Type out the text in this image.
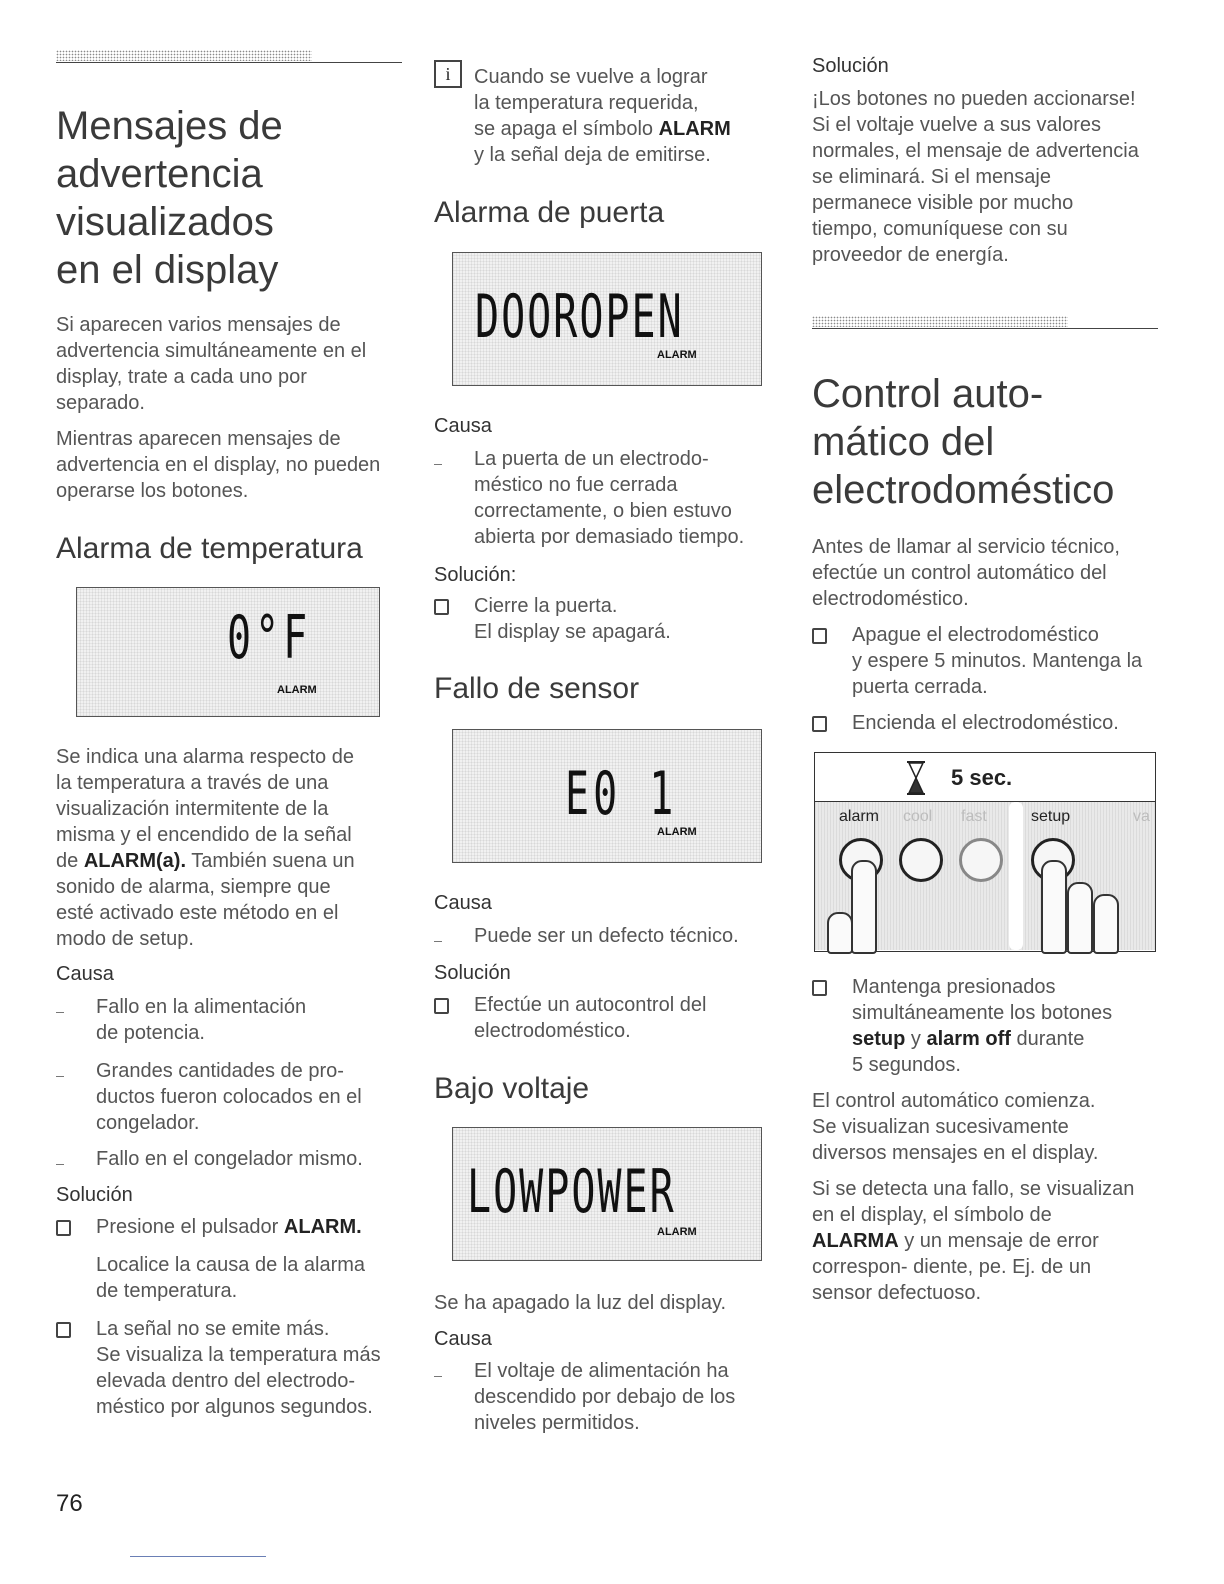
Mensajes de
advertencia
visualizados
en el display

Si aparecen varios mensajes de

advertencia simultáneamente en el

display, trate a cada uno por

separado.

Mientras aparecen mensajes de

advertencia en el display, no pueden

operarse los botones.

Alarma de temperatura
0°F
ALARM

Se indica una alarma respecto de

la temperatura a través de una

visualización intermitente de la

misma y el encendido de la señal

de ALARM(a). También suena un

sonido de alarma, siempre que

esté activado este método en el

modo de setup.

Causa
Fallo en la alimentación
de potencia.
Grandes cantidades de pro-
ductos fueron colocados en el
congelador.
Fallo en el congelador mismo.
Solución
Presione el pulsador ALARM.
Localice la causa de la alarma
de temperatura.
La señal no se emite más.
Se visualiza la temperatura más
elevada dentro del electrodo-
méstico por algunos segundos.
i	Cuando se vuelve a lograr

la temperatura requerida,

se apaga el símbolo ALARM

y la señal deja de emitirse.

Alarma de puerta
DOOROPEN
ALARM
Causa
La puerta de un electrodo-
méstico no fue cerrada
correctamente, o bien estuvo
abierta por demasiado tiempo.
Solución:
Cierre la puerta.
El display se apagará.
Fallo de sensor
E0 1
ALARM
Causa
Puede ser un defecto técnico.
Solución
Efectúe un autocontrol del
electrodoméstico.
Bajo voltaje
LOWPOWER
ALARM

Se ha apagado la luz del display.

Causa
El voltaje de alimentación ha
descendido por debajo de los
niveles permitidos.
Solución

¡Los botones no pueden accionarse!

Si el voltaje vuelve a sus valores

normales, el mensaje de advertencia

se eliminará. Si el mensaje

permanece visible por mucho

tiempo, comuníquese con su

proveedor de energía.

Control auto-
mático del
electrodoméstico

Antes de llamar al servicio técnico,

efectúe un control automático del

electrodoméstico.

Apague el electrodoméstico
y espere 5 minutos. Mantenga la
puerta cerrada.
Encienda el electrodoméstico.
5 sec.
alarm cool fast	setup	va
Mantenga presionados
simultáneamente los botones
setup y alarm off durante
5 segundos.

El control automático comienza.

Se visualizan sucesivamente

diversos mensajes en el display.

Si se detecta una fallo, se visualizan

en el display, el símbolo de

ALARMA y un mensaje de error

correspon- diente, pe. Ej. de un

sensor defectuoso.

76
